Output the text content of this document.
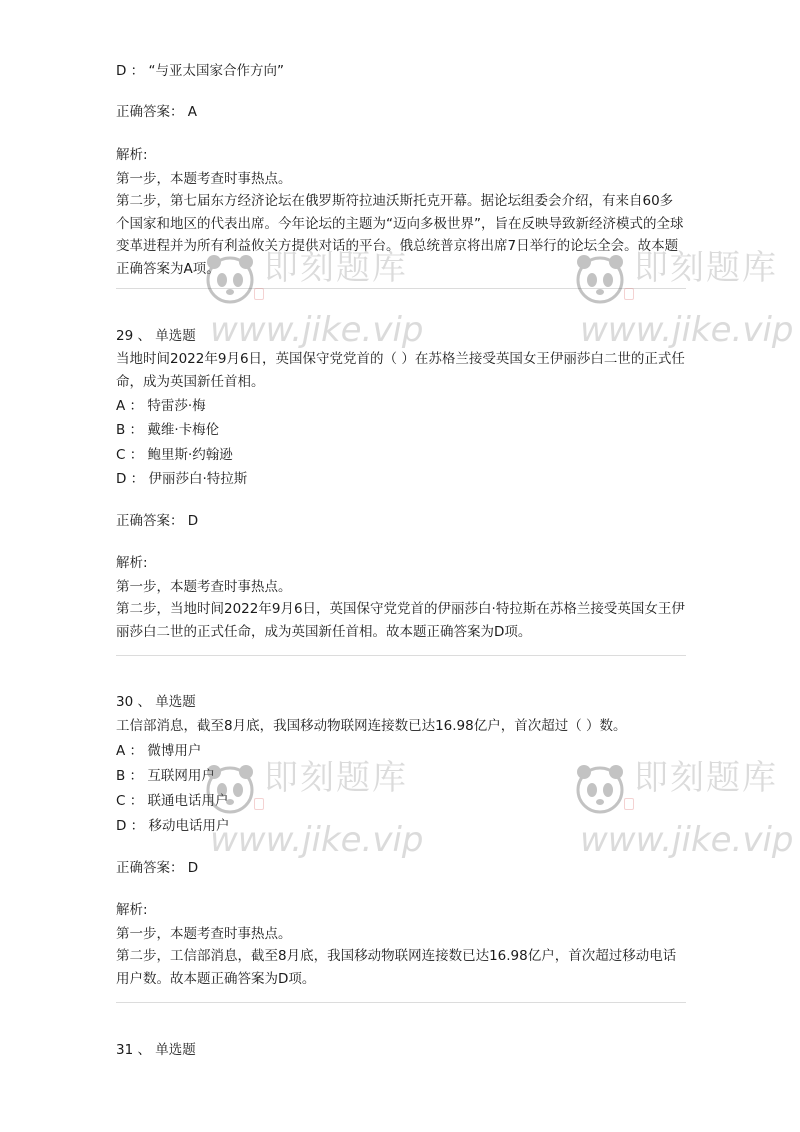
D ： “与亚太国家合作方向”
正确答案： A
解析:
第一步，本题考查时事热点。
第二步，第七届东方经济论坛在俄罗斯符拉迪沃斯托克开幕。据论坛组委会介绍，有来自60多个国家和地区的代表出席。今年论坛的主题为“迈向多极世界”，旨在反映导致新经济模式的全球变革进程并为所有利益攸关方提供对话的平台。俄总统普京将出席7日举行的论坛全会。故本题正确答案为A项。
29 、 单选题
当地时间2022年9月6日，英国保守党党首的（ ）在苏格兰接受英国女王伊丽莎白二世的正式任命，成为英国新任首相。
A ： 特雷莎·梅
B ： 戴维·卡梅伦
C ： 鲍里斯·约翰逊
D ： 伊丽莎白·特拉斯
正确答案： D
解析:
第一步，本题考查时事热点。
第二步，当地时间2022年9月6日，英国保守党党首的伊丽莎白·特拉斯在苏格兰接受英国女王伊丽莎白二世的正式任命，成为英国新任首相。故本题正确答案为D项。
30 、 单选题
工信部消息，截至8月底，我国移动物联网连接数已达16.98亿户，首次超过（ ）数。
A ： 微博用户
B ： 互联网用户
C ： 联通电话用户
D ： 移动电话用户
正确答案： D
解析:
第一步，本题考查时事热点。
第二步，工信部消息，截至8月底，我国移动物联网连接数已达16.98亿户，首次超过移动电话用户数。故本题正确答案为D项。
31 、 单选题
即刻题库
www.jike.vip
即刻题库
www.jike.vip
即刻题库
www.jike.vip
即刻题库
www.jike.vip
